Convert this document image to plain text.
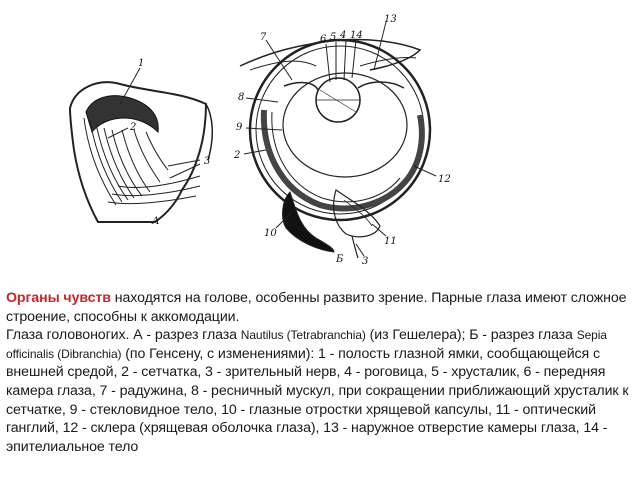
1
2
3
А
13
7	6 5 4 14
8
9
2
12
10
11
3
Б

Органы чувств находятся на голове, особенны развито зрение. Парные глаза имеют сложное строение, способны к аккомодации.

Глаза головоногих. А - разрез глаза Nautilus (Tetrabranchia) (из Гешелера); Б - разрез глаза Sepia officinalis (Dibranchia) (по Генсену, с изменениями): 1 - полость глазной ямки, сообщающейся с внешней средой, 2 - сетчатка, 3 - зрительный нерв, 4 - роговица, 5 - хрусталик, 6 - передняя камера глаза, 7 - радужина, 8 - ресничный мускул, при сокращении приближающий хрусталик к сетчатке, 9 - стекловидное тело, 10 - глазные отростки хрящевой капсулы, 11 - оптический ганглий, 12 - склера (хрящевая оболочка глаза), 13 - наружное отверстие камеры глаза, 14 - эпителиальное тело
